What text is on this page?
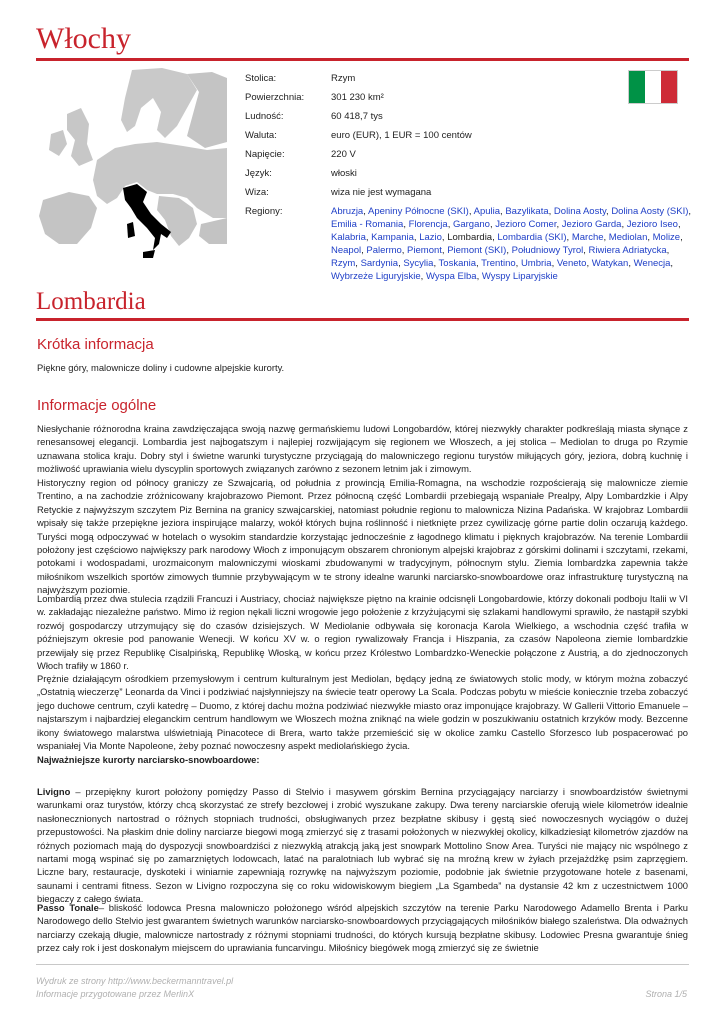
Włochy
Stolica:	Rzym
Powierzchnia:	301 230 km²
Ludność:	60 418,7 tys
Waluta:	euro (EUR), 1 EUR = 100 centów
Napięcie:	220 V
Język:	włoski
Wiza:	wiza nie jest wymagana
Regiony:	Abruzja, Apeniny Północne (SKI), Apulia, Bazylikata, Dolina Aosty, Dolina Aosty (SKI), Emilia - Romania, Florencja, Gargano, Jezioro Comer, Jezioro Garda, Jezioro Iseo, Kalabria, Kampania, Lazio, Lombardia, Lombardia (SKI), Marche, Mediolan, Molize, Neapol, Palermo, Piemont, Piemont (SKI), Południowy Tyrol, Riwiera Adriatycka, Rzym, Sardynia, Sycylia, Toskania, Trentino, Umbria, Veneto, Watykan, Wenecja, Wybrzeże Liguryjskie, Wyspa Elba, Wyspy Liparyjskie
Lombardia
Krótka informacja

Piękne góry, malownicze doliny i cudowne alpejskie kurorty.

Informacje ogólne

Niesłychanie różnorodna kraina zawdzięczająca swoją nazwę germańskiemu ludowi Longobardów, której niezwykły charakter podkreślają miasta słynące z renesansowej elegancji. Lombardia jest najbogatszym i najlepiej rozwijającym się regionem we Włoszech, a jej stolica – Mediolan to druga po Rzymie uznawana stolica kraju. Dobry styl i świetne warunki turystyczne przyciągają do malowniczego regionu turystów miłujących góry, jeziora, dobrą kuchnię i możliwość uprawiania wielu dyscyplin sportowych związanych zarówno z sezonem letnim jak i zimowym.

Historyczny region od północy graniczy ze Szwajcarią, od południa z prowincją Emilia-Romagna, na wschodzie rozpościerają się malownicze ziemie Trentino, a na zachodzie zróżnicowany krajobrazowo Piemont. Przez północną część Lombardii przebiegają wspaniałe Prealpy, Alpy Lombardzkie i Alpy Retyckie z najwyższym szczytem Piz Bernina na granicy szwajcarskiej, natomiast południe regionu to malownicza Nizina Padańska. W krajobraz Lombardii wpisały się także przepiękne jeziora inspirujące malarzy, wokół których bujna roślinność i nietknięte przez cywilizację górne partie dolin oczarują każdego. Turyści mogą odpoczywać w hotelach o wysokim standardzie korzystając jednocześnie z łagodnego klimatu i pięknych krajobrazów. Na terenie Lombardii położony jest częściowo największy park narodowy Włoch z imponującym obszarem chronionym alpejski krajobraz z górskimi dolinami i szczytami, rzekami, potokami i wodospadami, urozmaiconym malowniczymi wioskami zbudowanymi w tradycyjnym, północnym stylu. Ziemia lombardzka zapewnia także miłośnikom wszelkich sportów zimowych tłumnie przybywającym w te strony idealne warunki narciarsko-snowboardowe oraz infrastrukturę turystyczną na najwyższym poziomie.

Lombardią przez dwa stulecia rządzili Francuzi i Austriacy, chociaż największe piętno na krainie odcisnęli Longobardowie, którzy dokonali podboju Italii w VI w. zakładając niezależne państwo. Mimo iż region nękali liczni wrogowie jego położenie z krzyżującymi się szlakami handlowymi sprawiło, że nastąpił szybki rozwój gospodarczy utrzymujący się do czasów dzisiejszych. W Mediolanie odbywała się koronacja Karola Wielkiego, a wschodnia część trafiła w późniejszym okresie pod panowanie Wenecji. W końcu XV w. o region rywalizowały Francja i Hiszpania, za czasów Napoleona ziemie lombardzkie przewijały się przez Republikę Cisalpińską, Republikę Włoską, w końcu przez Królestwo Lombardzko-Weneckie połączone z Austrią, a do zjednoczonych Włoch trafiły w 1860 r.

Prężnie działającym ośrodkiem przemysłowym i centrum kulturalnym jest Mediolan, będący jedną ze światowych stolic mody, w którym można zobaczyć „Ostatnią wieczerzę” Leonarda da Vinci i podziwiać najsłynniejszy na świecie teatr operowy La Scala. Podczas pobytu w mieście koniecznie trzeba zobaczyć jego duchowe centrum, czyli katedrę – Duomo, z której dachu można podziwiać niezwykłe miasto oraz imponujące krajobrazy. W Gallerii Vittorio Emanuele – najstarszym i najbardziej eleganckim centrum handlowym we Włoszech można zniknąć na wiele godzin w poszukiwaniu ostatnich krzyków mody. Bezcenne ikony światowego malarstwa ulświetniają Pinacotece di Brera, warto także przemieścić się w okolice zamku Castello Sforzesco lub pospacerować po wspaniałej Via Monte Napoleone, żeby poznać nowoczesny aspekt mediolańskiego życia.

Najważniejsze kurorty narciarsko-snowboardowe:

Livigno – przepiękny kurort położony pomiędzy Passo di Stelvio i masywem górskim Bernina przyciągający narciarzy i snowboardzistów świetnymi warunkami oraz turystów, którzy chcą skorzystać ze strefy bezcłowej i zrobić wyszukane zakupy. Dwa tereny narciarskie oferują wiele kilometrów idealnie nasłonecznionych nartostrad o różnych stopniach trudności, obsługiwanych przez bezpłatne skibusy i gęstą sieć nowoczesnych wyciągów o dużej przepustowości. Na płaskim dnie doliny narciarze biegowi mogą zmierzyć się z trasami położonych w niezwykłej okolicy, kilkadziesiąt kilometrów zjazdów na różnych poziomach mają do dyspozycji snowboardziści z niezwykłą atrakcją jaką jest snowpark Mottolino Snow Area. Turyści nie mający nic wspólnego z nartami mogą wspinać się po zamarzniętych lodowcach, latać na paralotniach lub wybrać się na mroźną krew w żyłach przejażdżkę psim zaprzęgiem. Liczne bary, restauracje, dyskoteki i winiarnie zapewniają rozrywkę na najwyższym poziomie, podobnie jak świetnie przygotowane hotele z basenami, saunami i centrami fitness. Sezon w Livigno rozpoczyna się co roku widowiskowym biegiem „La Sgambeda” na dystansie 42 km z uczestnictwem 1000 biegaczy z całego świata.

Passo Tonale– bliskość lodowca Presna malowniczo położonego wśród alpejskich szczytów na terenie Parku Narodowego Adamello Brenta i Parku Narodowego dello Stelvio jest gwarantem świetnych warunków narciarsko-snowboardowych przyciągających miłośników białego szaleństwa. Dla odważnych narciarzy czekają długie, malownicze nartostrady z różnymi stopniami trudności, do których kursują bezpłatne skibusy. Lodowiec Presna gwarantuje śnieg przez cały rok i jest doskonałym miejscem do uprawiania funcarvingu. Miłośnicy biegówek mogą zmierzyć się ze świetnie

Wydruk ze strony http://www.beckermanntravel.pl
Informacje przygotowane przez MerlinX	Strona 1/5
